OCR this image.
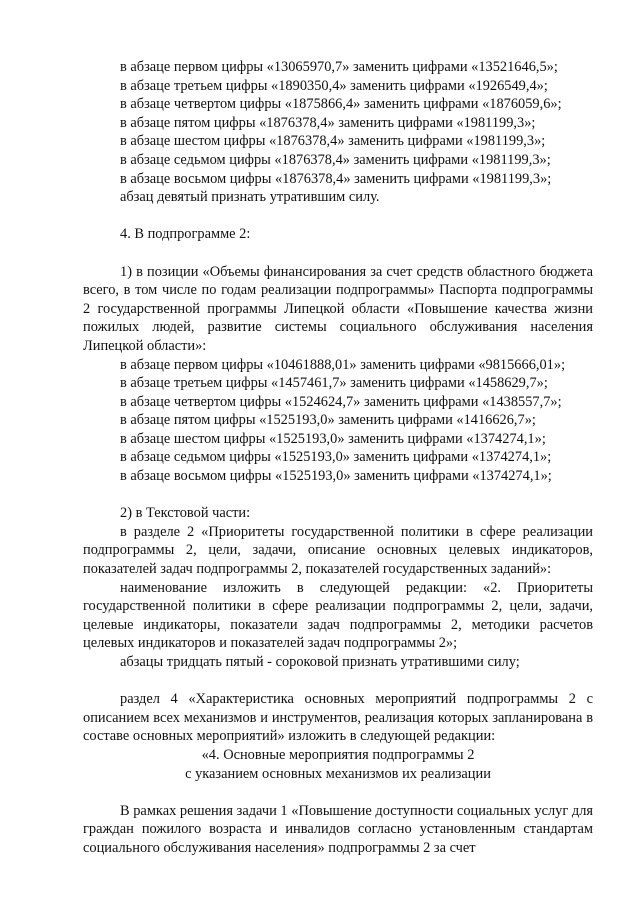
в абзаце первом цифры «13065970,7» заменить цифрами «13521646,5»;

в абзаце третьем цифры «1890350,4» заменить цифрами «1926549,4»;

в абзаце четвертом цифры «1875866,4» заменить цифрами «1876059,6»;

в абзаце пятом цифры «1876378,4» заменить цифрами «1981199,3»;

в абзаце шестом цифры «1876378,4» заменить цифрами «1981199,3»;

в абзаце седьмом цифры «1876378,4» заменить цифрами «1981199,3»;

в абзаце восьмом цифры «1876378,4» заменить цифрами «1981199,3»;

абзац девятый признать утратившим силу.

4. В подпрограмме 2:

1) в позиции «Объемы финансирования за счет средств областного бюджета всего, в том числе по годам реализации подпрограммы» Паспорта подпрограммы 2 государственной программы Липецкой области «Повышение качества жизни пожилых людей, развитие системы социального обслуживания населения Липецкой области»:

в абзаце первом цифры «10461888,01» заменить цифрами «9815666,01»;

в абзаце третьем цифры «1457461,7» заменить цифрами «1458629,7»;

в абзаце четвертом цифры «1524624,7» заменить цифрами «1438557,7»;

в абзаце пятом цифры «1525193,0» заменить цифрами «1416626,7»;

в абзаце шестом цифры «1525193,0» заменить цифрами «1374274,1»;

в абзаце седьмом цифры «1525193,0» заменить цифрами «1374274,1»;

в абзаце восьмом цифры «1525193,0» заменить цифрами «1374274,1»;

2) в Текстовой части:

в разделе 2 «Приоритеты государственной политики в сфере реализации подпрограммы 2, цели, задачи, описание основных целевых индикаторов, показателей задач подпрограммы 2, показателей государственных заданий»:

наименование изложить в следующей редакции: «2. Приоритеты государственной политики в сфере реализации подпрограммы 2, цели, задачи, целевые индикаторы, показатели задач подпрограммы 2, методики расчетов целевых индикаторов и показателей задач подпрограммы 2»;

абзацы тридцать пятый - сороковой признать утратившими силу;

раздел 4 «Характеристика основных мероприятий подпрограммы 2 с описанием всех механизмов и инструментов, реализация которых запланирована в составе основных мероприятий» изложить в следующей редакции:

«4. Основные мероприятия подпрограммы 2

с указанием основных механизмов их реализации

В рамках решения задачи 1 «Повышение доступности социальных услуг для граждан пожилого возраста и инвалидов согласно установленным стандартам социального обслуживания населения» подпрограммы 2 за счет
